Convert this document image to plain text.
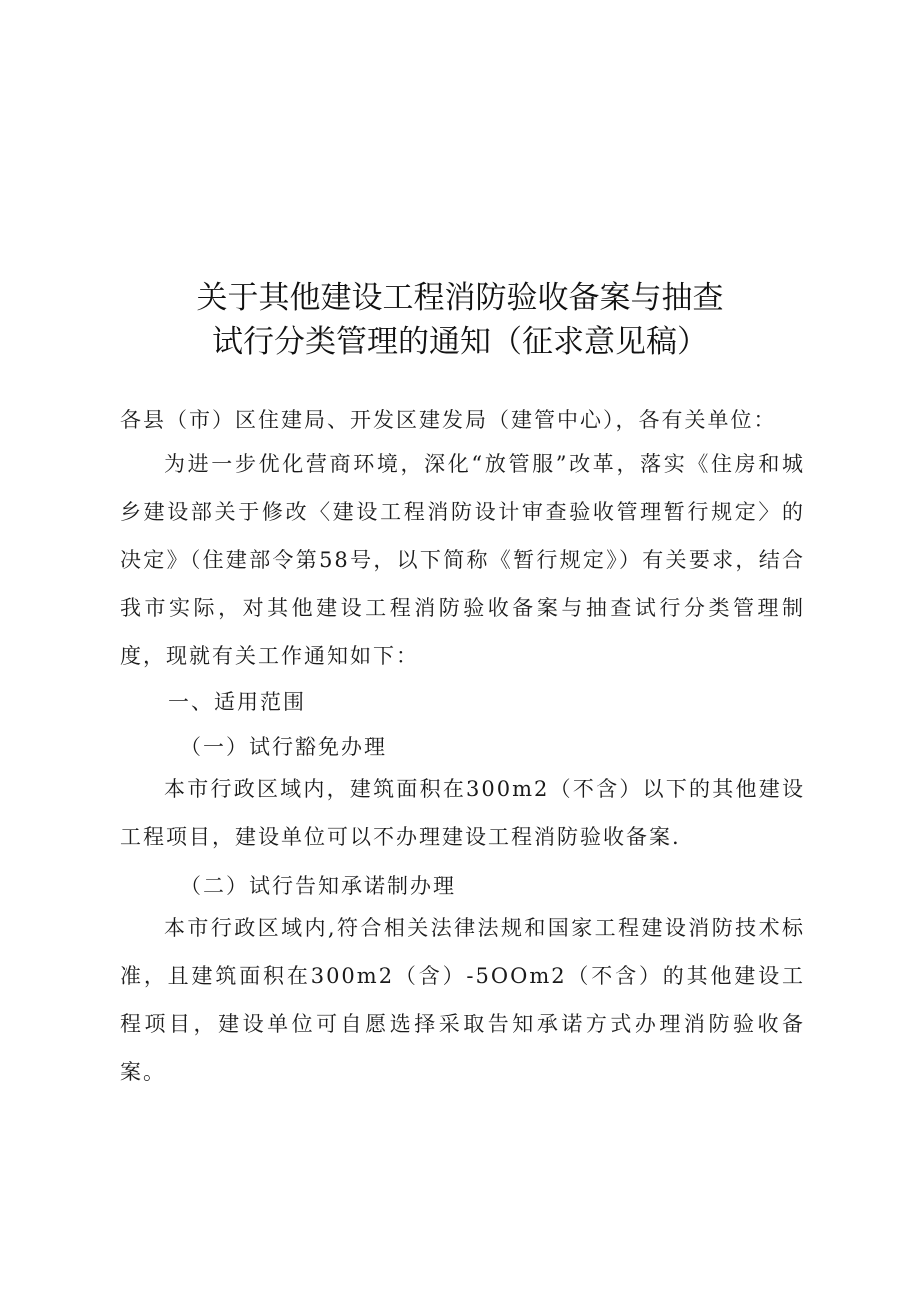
关于其他建设工程消防验收备案与抽查
试行分类管理的通知（征求意见稿）
各县（市）区住建局、开发区建发局（建管中心），各有关单位：
为进一步优化营商环境，深化“放管服”改革，落实《住房和城乡建设部关于修改〈建设工程消防设计审查验收管理暂行规定〉的决定》（住建部令第58号，以下简称《暂行规定》）有关要求，结合我市实际，对其他建设工程消防验收备案与抽查试行分类管理制度，现就有关工作通知如下：
一、适用范围
（一）试行豁免办理
本市行政区域内，建筑面积在300m2（不含）以下的其他建设工程项目，建设单位可以不办理建设工程消防验收备案.
（二）试行告知承诺制办理
本市行政区域内,符合相关法律法规和国家工程建设消防技术标准，且建筑面积在300m2（含）-5OOm2（不含）的其他建设工程项目，建设单位可自愿选择采取告知承诺方式办理消防验收备案。
